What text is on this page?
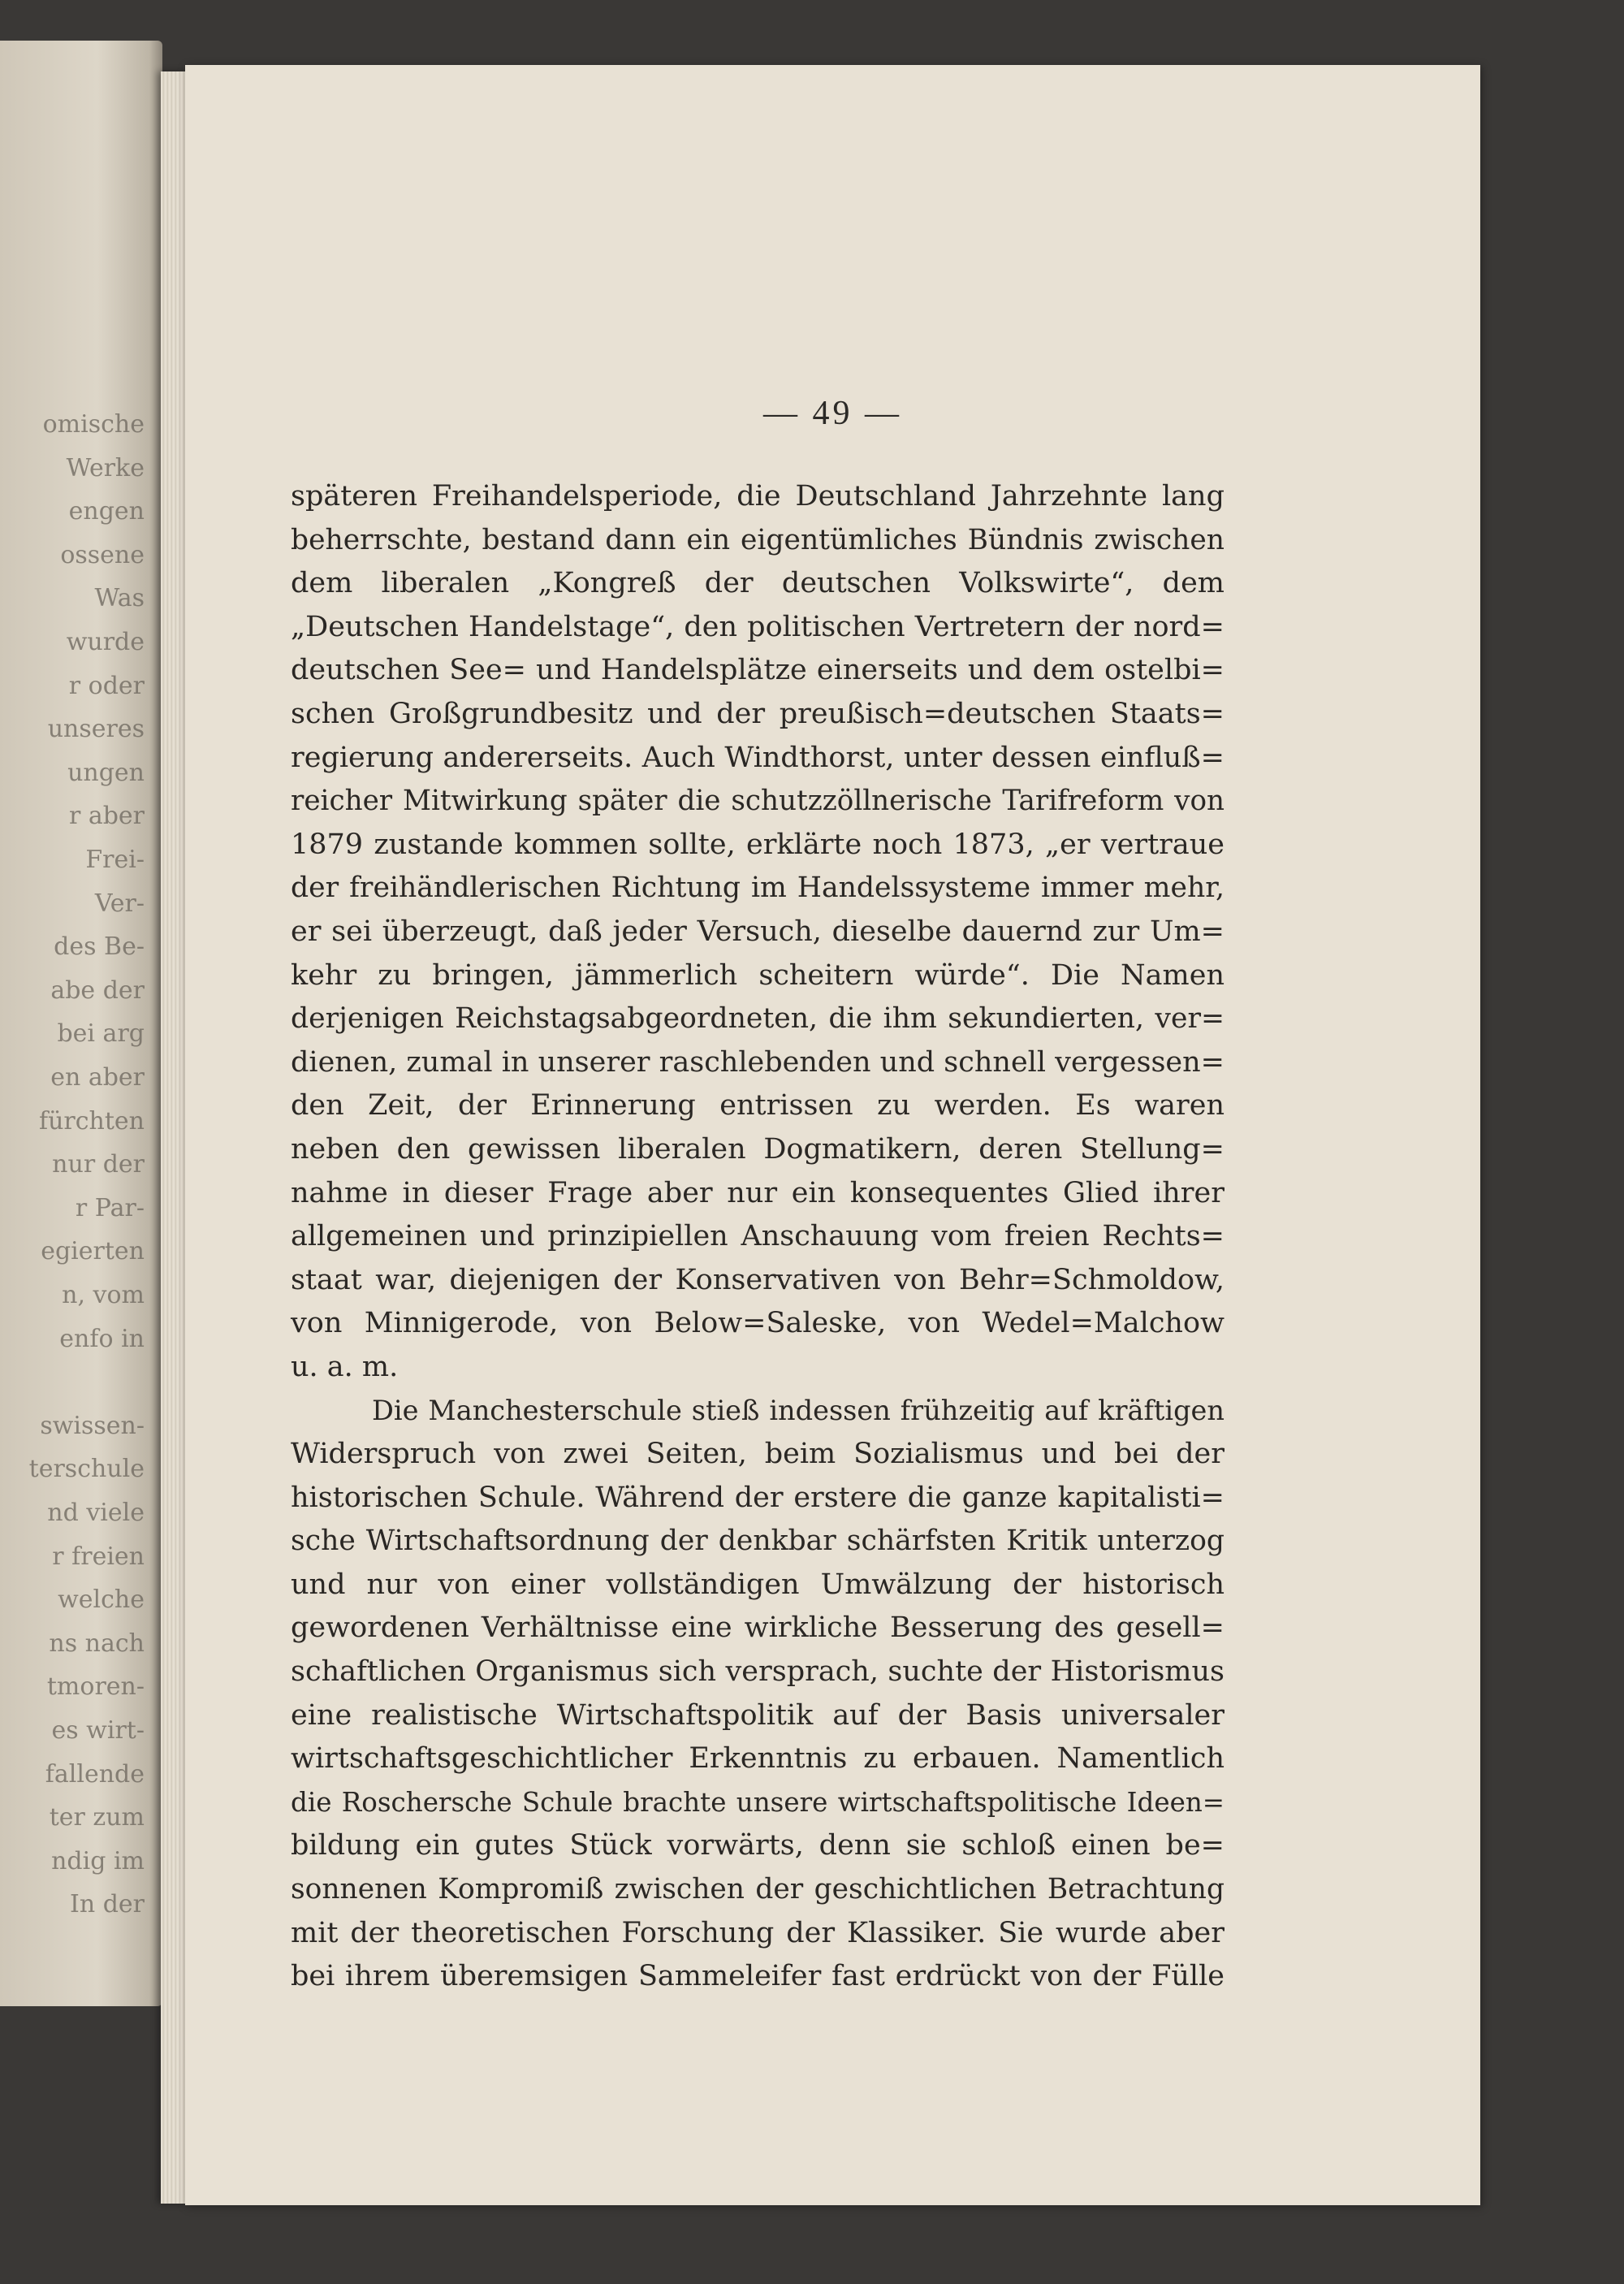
omische
Werke
engen
ossene
Was
wurde
r oder
unseres
ungen
r aber
Frei-
Ver-
des Be-
abe der
bei arg
en aber
fürchten
nur der
r Par-
egierten
n, vom
enfo in
swissen-
terschule
nd viele
r freien
welche
ns nach
tmoren-
es wirt-
fallende
ter zum
ndig im
In der
— 49 —
späteren Freihandelsperiode, die Deutschland Jahrzehnte lang
beherrschte, bestand dann ein eigentümliches Bündnis zwischen
dem liberalen „Kongreß der deutschen Volkswirte“, dem
„Deutschen Handelstage“, den politischen Vertretern der nord=
deutschen See= und Handelsplätze einerseits und dem ostelbi=
schen Großgrundbesitz und der preußisch=deutschen Staats=
regierung andererseits. Auch Windthorst, unter dessen einfluß=
reicher Mitwirkung später die schutzzöllnerische Tarifreform von
1879 zustande kommen sollte, erklärte noch 1873, „er vertraue
der freihändlerischen Richtung im Handelssysteme immer mehr,
er sei überzeugt, daß jeder Versuch, dieselbe dauernd zur Um=
kehr zu bringen, jämmerlich scheitern würde“. Die Namen
derjenigen Reichstagsabgeordneten, die ihm sekundierten, ver=
dienen, zumal in unserer raschlebenden und schnell vergessen=
den Zeit, der Erinnerung entrissen zu werden. Es waren
neben den gewissen liberalen Dogmatikern, deren Stellung=
nahme in dieser Frage aber nur ein konsequentes Glied ihrer
allgemeinen und prinzipiellen Anschauung vom freien Rechts=
staat war, diejenigen der Konservativen von Behr=Schmoldow,
von Minnigerode, von Below=Saleske, von Wedel=Malchow
u. a. m.
Die Manchesterschule stieß indessen frühzeitig auf kräftigen
Widerspruch von zwei Seiten, beim Sozialismus und bei der
historischen Schule. Während der erstere die ganze kapitalisti=
sche Wirtschaftsordnung der denkbar schärfsten Kritik unterzog
und nur von einer vollständigen Umwälzung der historisch
gewordenen Verhältnisse eine wirkliche Besserung des gesell=
schaftlichen Organismus sich versprach, suchte der Historismus
eine realistische Wirtschaftspolitik auf der Basis universaler
wirtschaftsgeschichtlicher Erkenntnis zu erbauen. Namentlich
die Roschersche Schule brachte unsere wirtschaftspolitische Ideen=
bildung ein gutes Stück vorwärts, denn sie schloß einen be=
sonnenen Kompromiß zwischen der geschichtlichen Betrachtung
mit der theoretischen Forschung der Klassiker. Sie wurde aber
bei ihrem überemsigen Sammeleifer fast erdrückt von der Fülle
